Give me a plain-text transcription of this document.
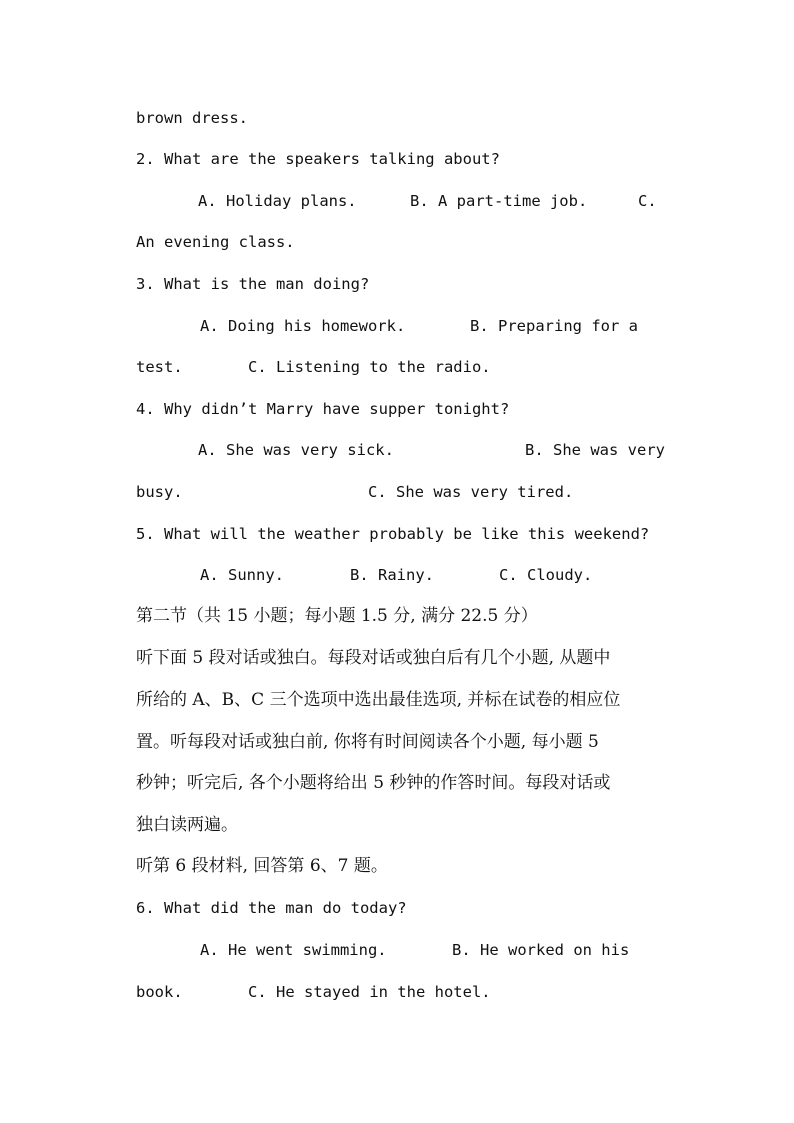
brown dress.
2. What are the speakers talking about?
A. Holiday plans.	B. A part-time job.	C.
An evening class.
3. What is the man doing?
A. Doing his homework.	B. Preparing for a
test.	C. Listening to the radio.
4. Why didn’t Marry have supper tonight?
A. She was very sick.	B. She was very
busy.	C. She was very tired.
5. What will the weather probably be like this weekend?
A. Sunny.	B. Rainy.	C. Cloudy.
第二节（共 15 小题；每小题 1.5 分, 满分 22.5 分）
听下面 5 段对话或独白。每段对话或独白后有几个小题, 从题中
所给的 A、B、C 三个选项中选出最佳选项, 并标在试卷的相应位
置。听每段对话或独白前, 你将有时间阅读各个小题, 每小题 5
秒钟；听完后, 各个小题将给出 5 秒钟的作答时间。每段对话或
独白读两遍。
听第 6 段材料, 回答第 6、7 题。
6. What did the man do today?
A. He went swimming.	B. He worked on his
book.	C. He stayed in the hotel.
